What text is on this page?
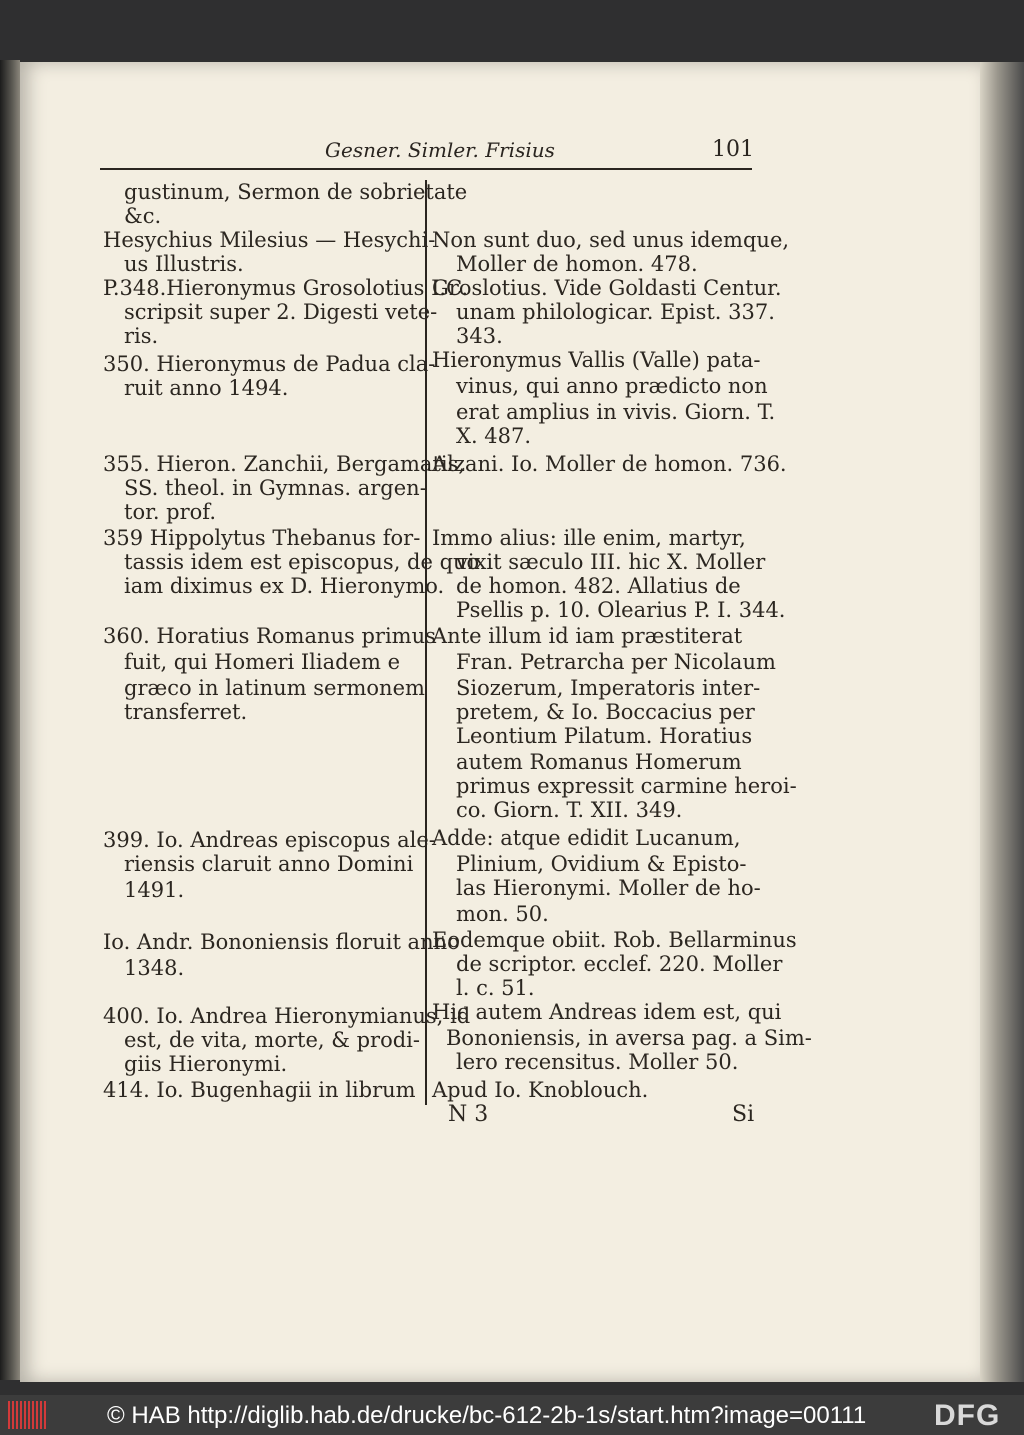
Gesner. Simler. Frisius	101
gustinum, Sermon de sobrietate
&c.
Hesychius Milesius — Hesychi-
us Illustris.
P.348.Hieronymus Grosolotius I.C.
scripsit super 2. Digesti vete-
ris.
350. Hieronymus de Padua cla-
ruit anno 1494.
355. Hieron. Zanchii, Bergamatis,
SS. theol. in Gymnas. argen-
tor. prof.
359 Hippolytus Thebanus for-
tassis idem est episcopus, de quo
iam diximus ex D. Hieronymo.
360. Horatius Romanus primus
fuit, qui Homeri Iliadem e
græco in latinum sermonem
transferret.
399. Io. Andreas episcopus ale-
riensis claruit anno Domini
1491.
Io. Andr. Bononiensis floruit anno
1348.
400. Io. Andrea Hieronymianus, id
est, de vita, morte, & prodi-
giis Hieronymi.
414. Io. Bugenhagii in librum
Non sunt duo, sed unus idemque,
Moller de homon. 478.
Groslotius. Vide Goldasti Centur.
unam philologicar. Epist. 337.
343.
Hieronymus Vallis (Valle) pata-
vinus, qui anno prædicto non
erat amplius in vivis. Giorn. T.
X. 487.
Alzani. Io. Moller de homon. 736.
Immo alius: ille enim, martyr,
vixit sæculo III. hic X. Moller
de homon. 482. Allatius de
Psellis p. 10. Olearius P. I. 344.
Ante illum id iam præstiterat
Fran. Petrarcha per Nicolaum
Siozerum, Imperatoris inter-
pretem, & Io. Boccacius per
Leontium Pilatum. Horatius
autem Romanus Homerum
primus expressit carmine heroi-
co. Giorn. T. XII. 349.
Adde: atque edidit Lucanum,
Plinium, Ovidium & Episto-
las Hieronymi. Moller de ho-
mon. 50.
Eodemque obiit. Rob. Bellarminus
de scriptor. ecclef. 220. Moller
l. c. 51.
Hic autem Andreas idem est, qui
Bononiensis, in aversa pag. a Sim-
lero recensitus. Moller 50.
Apud Io. Knoblouch.
N 3	Si
© HAB http://diglib.hab.de/drucke/bc-612-2b-1s/start.htm?image=00111 DFG
